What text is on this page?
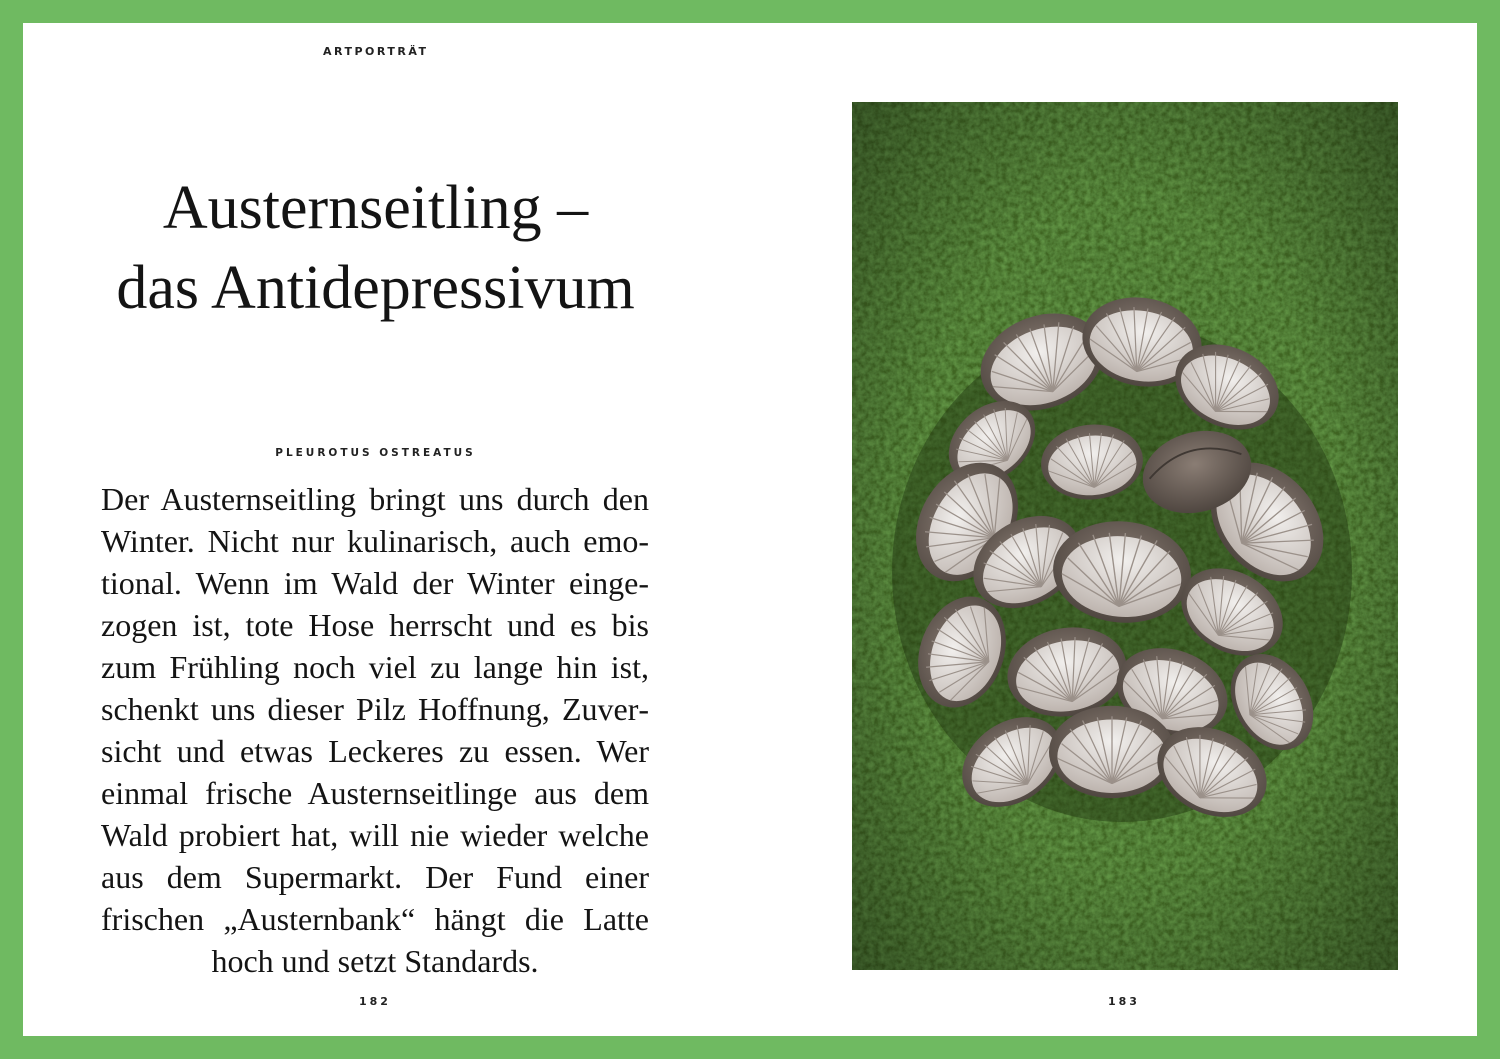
ARTPORTRÄT
Austernseitling –
das Antidepressivum
PLEUROTUS OSTREATUS

Der Austernseitling bringt uns durch den Winter. Nicht nur kulinarisch, auch emotional. Wenn im Wald der Winter eingezogen ist, tote Hose herrscht und es bis zum Frühling noch viel zu lange hin ist, schenkt uns dieser Pilz Hoffnung, Zuversicht und etwas Leckeres zu essen. Wer einmal frische Austernseitlinge aus dem Wald probiert hat, will nie wieder welche aus dem Supermarkt. Der Fund einer frischen „Austernbank“ hängt die Latte hoch und setzt Standards.

182	183
